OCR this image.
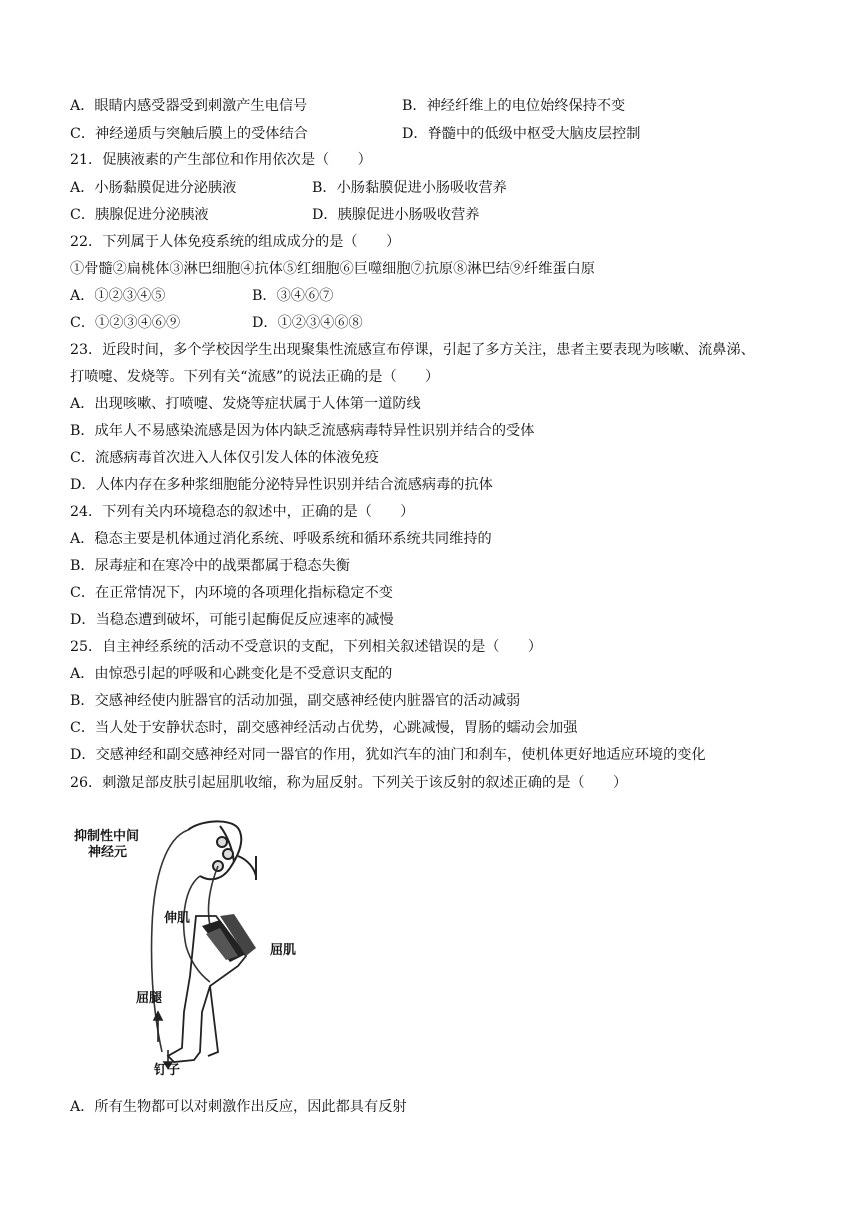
A．眼睛内感受器受到刺激产生电信号	B．神经纤维上的电位始终保持不变
C．神经递质与突触后膜上的受体结合	D．脊髓中的低级中枢受大脑皮层控制
21．促胰液素的产生部位和作用依次是（　　）
A．小肠黏膜促进分泌胰液	B．小肠黏膜促进小肠吸收营养
C．胰腺促进分泌胰液	D．胰腺促进小肠吸收营养
22．下列属于人体免疫系统的组成成分的是（　　）
①骨髓②扁桃体③淋巴细胞④抗体⑤红细胞⑥巨噬细胞⑦抗原⑧淋巴结⑨纤维蛋白原
A．①②③④⑤	B．③④⑥⑦
C．①②③④⑥⑨	D．①②③④⑥⑧
23．近段时间，多个学校因学生出现聚集性流感宣布停课，引起了多方关注，患者主要表现为咳嗽、流鼻涕、
打喷嚏、发烧等。下列有关“流感”的说法正确的是（　　）
A．出现咳嗽、打喷嚏、发烧等症状属于人体第一道防线
B．成年人不易感染流感是因为体内缺乏流感病毒特异性识别并结合的受体
C．流感病毒首次进入人体仅引发人体的体液免疫
D．人体内存在多种浆细胞能分泌特异性识别并结合流感病毒的抗体
24．下列有关内环境稳态的叙述中，正确的是（　　）
A．稳态主要是机体通过消化系统、呼吸系统和循环系统共同维持的
B．尿毒症和在寒冷中的战栗都属于稳态失衡
C．在正常情况下，内环境的各项理化指标稳定不变
D．当稳态遭到破坏，可能引起酶促反应速率的减慢
25．自主神经系统的活动不受意识的支配，下列相关叙述错误的是（　　）
A．由惊恐引起的呼吸和心跳变化是不受意识支配的
B．交感神经使内脏器官的活动加强，副交感神经使内脏器官的活动减弱
C．当人处于安静状态时，副交感神经活动占优势，心跳减慢，胃肠的蠕动会加强
D．交感神经和副交感神经对同一器官的作用，犹如汽车的油门和刹车，使机体更好地适应环境的变化
26．刺激足部皮肤引起屈肌收缩，称为屈反射。下列关于该反射的叙述正确的是（　　）
抑制性中间
神经元
伸肌
屈肌
屈腿
钉子
A．所有生物都可以对刺激作出反应，因此都具有反射
